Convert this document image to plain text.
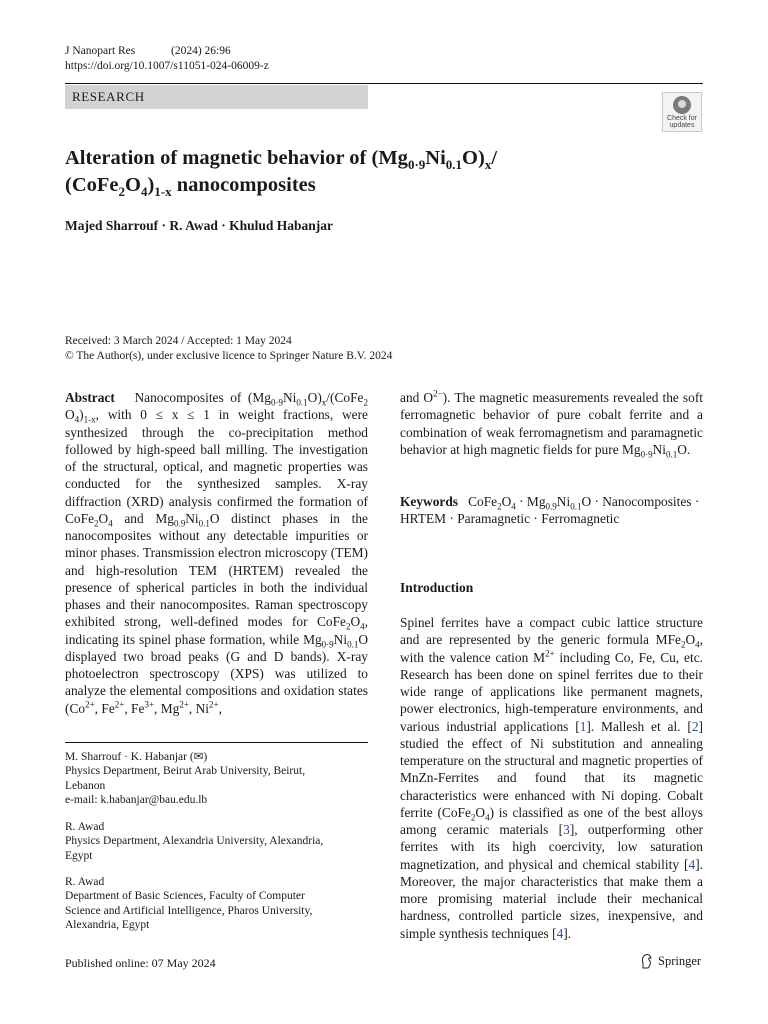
J Nanopart Res	(2024) 26:96
https://doi.org/10.1007/s11051-024-06009-z
RESEARCH
Check for
updates
Alteration of magnetic behavior of $(Mg_{0\cdot 9}Ni_{0.1}O)_x/$
$(CoFe_2O_4)_{1-x}$ nanocomposites
Majed Sharrouf · R. Awad · Khulud Habanjar
Received: 3 March 2024 / Accepted: 1 May 2024
© The Author(s), under exclusive licence to Springer Nature B.V. 2024

Abstract   Nanocomposites of $(Mg_{0\cdot 9}Ni_{0.1}O)_x/(CoFe_2$ $O_4)_{1-x}$, with 0 ≤ x ≤ 1 in weight fractions, were synthesized through the co-precipitation method followed by high-speed ball milling. The investigation of the structural, optical, and magnetic properties was conducted for the synthesized samples. X-ray diffraction (XRD) analysis confirmed the formation of $CoFe_2O_4$ and $Mg_{0.9}Ni_{0.1}O$ distinct phases in the nanocomposites without any detectable impurities or minor phases. Transmission electron microscopy (TEM) and high-resolution TEM (HRTEM) revealed the presence of spherical particles in both the individual phases and their nanocomposites. Raman spectroscopy exhibited strong, well-defined modes for $CoFe_2O_4$, indicating its spinel phase formation, while $Mg_{0\cdot 9}Ni_{0.1}O$ displayed two broad peaks (G and D bands). X-ray photoelectron spectroscopy (XPS) was utilized to analyze the elemental compositions and oxidation states ($Co^{2+}$, $Fe^{2+}$, $Fe^{3+}$, $Mg^{2+}$, $Ni^{2+}$,

M. Sharrouf · K. Habanjar (✉)

Physics Department, Beirut Arab University, Beirut,

Lebanon

e-mail: k.habanjar@bau.edu.lb

R. Awad

Physics Department, Alexandria University, Alexandria,

Egypt

R. Awad

Department of Basic Sciences, Faculty of Computer

Science and Artificial Intelligence, Pharos University,

Alexandria, Egypt

and $O^{2-}$). The magnetic measurements revealed the soft ferromagnetic behavior of pure cobalt ferrite and a combination of weak ferromagnetism and paramagnetic behavior at high magnetic fields for pure $Mg_{0\cdot 9}Ni_{0.1}O$.

Keywords   $CoFe_2O_4 \cdot Mg_{0.9}Ni_{0.1}O$ · Nanocomposites · HRTEM · Paramagnetic · Ferromagnetic

Introduction

Spinel ferrites have a compact cubic lattice structure and are represented by the generic formula $MFe_2O_4$, with the valence cation $M^{2+}$ including Co, Fe, Cu, etc. Research has been done on spinel ferrites due to their wide range of applications like permanent magnets, power electronics, high-temperature environments, and various industrial applications [1]. Mallesh et al. [2] studied the effect of Ni substitution and annealing temperature on the structural and magnetic properties of MnZn-Ferrites and found that its magnetic characteristics were enhanced with Ni doping. Cobalt ferrite $(CoFe_2O_4)$ is classified as one of the best alloys among ceramic materials [3], outperforming other ferrites with its high coercivity, low saturation magnetization, and physical and chemical stability [4]. Moreover, the major characteristics that make them a more promising material include their mechanical hardness, controlled particle sizes, inexpensive, and simple synthesis techniques [4].

Published online: 07 May 2024	Springer
